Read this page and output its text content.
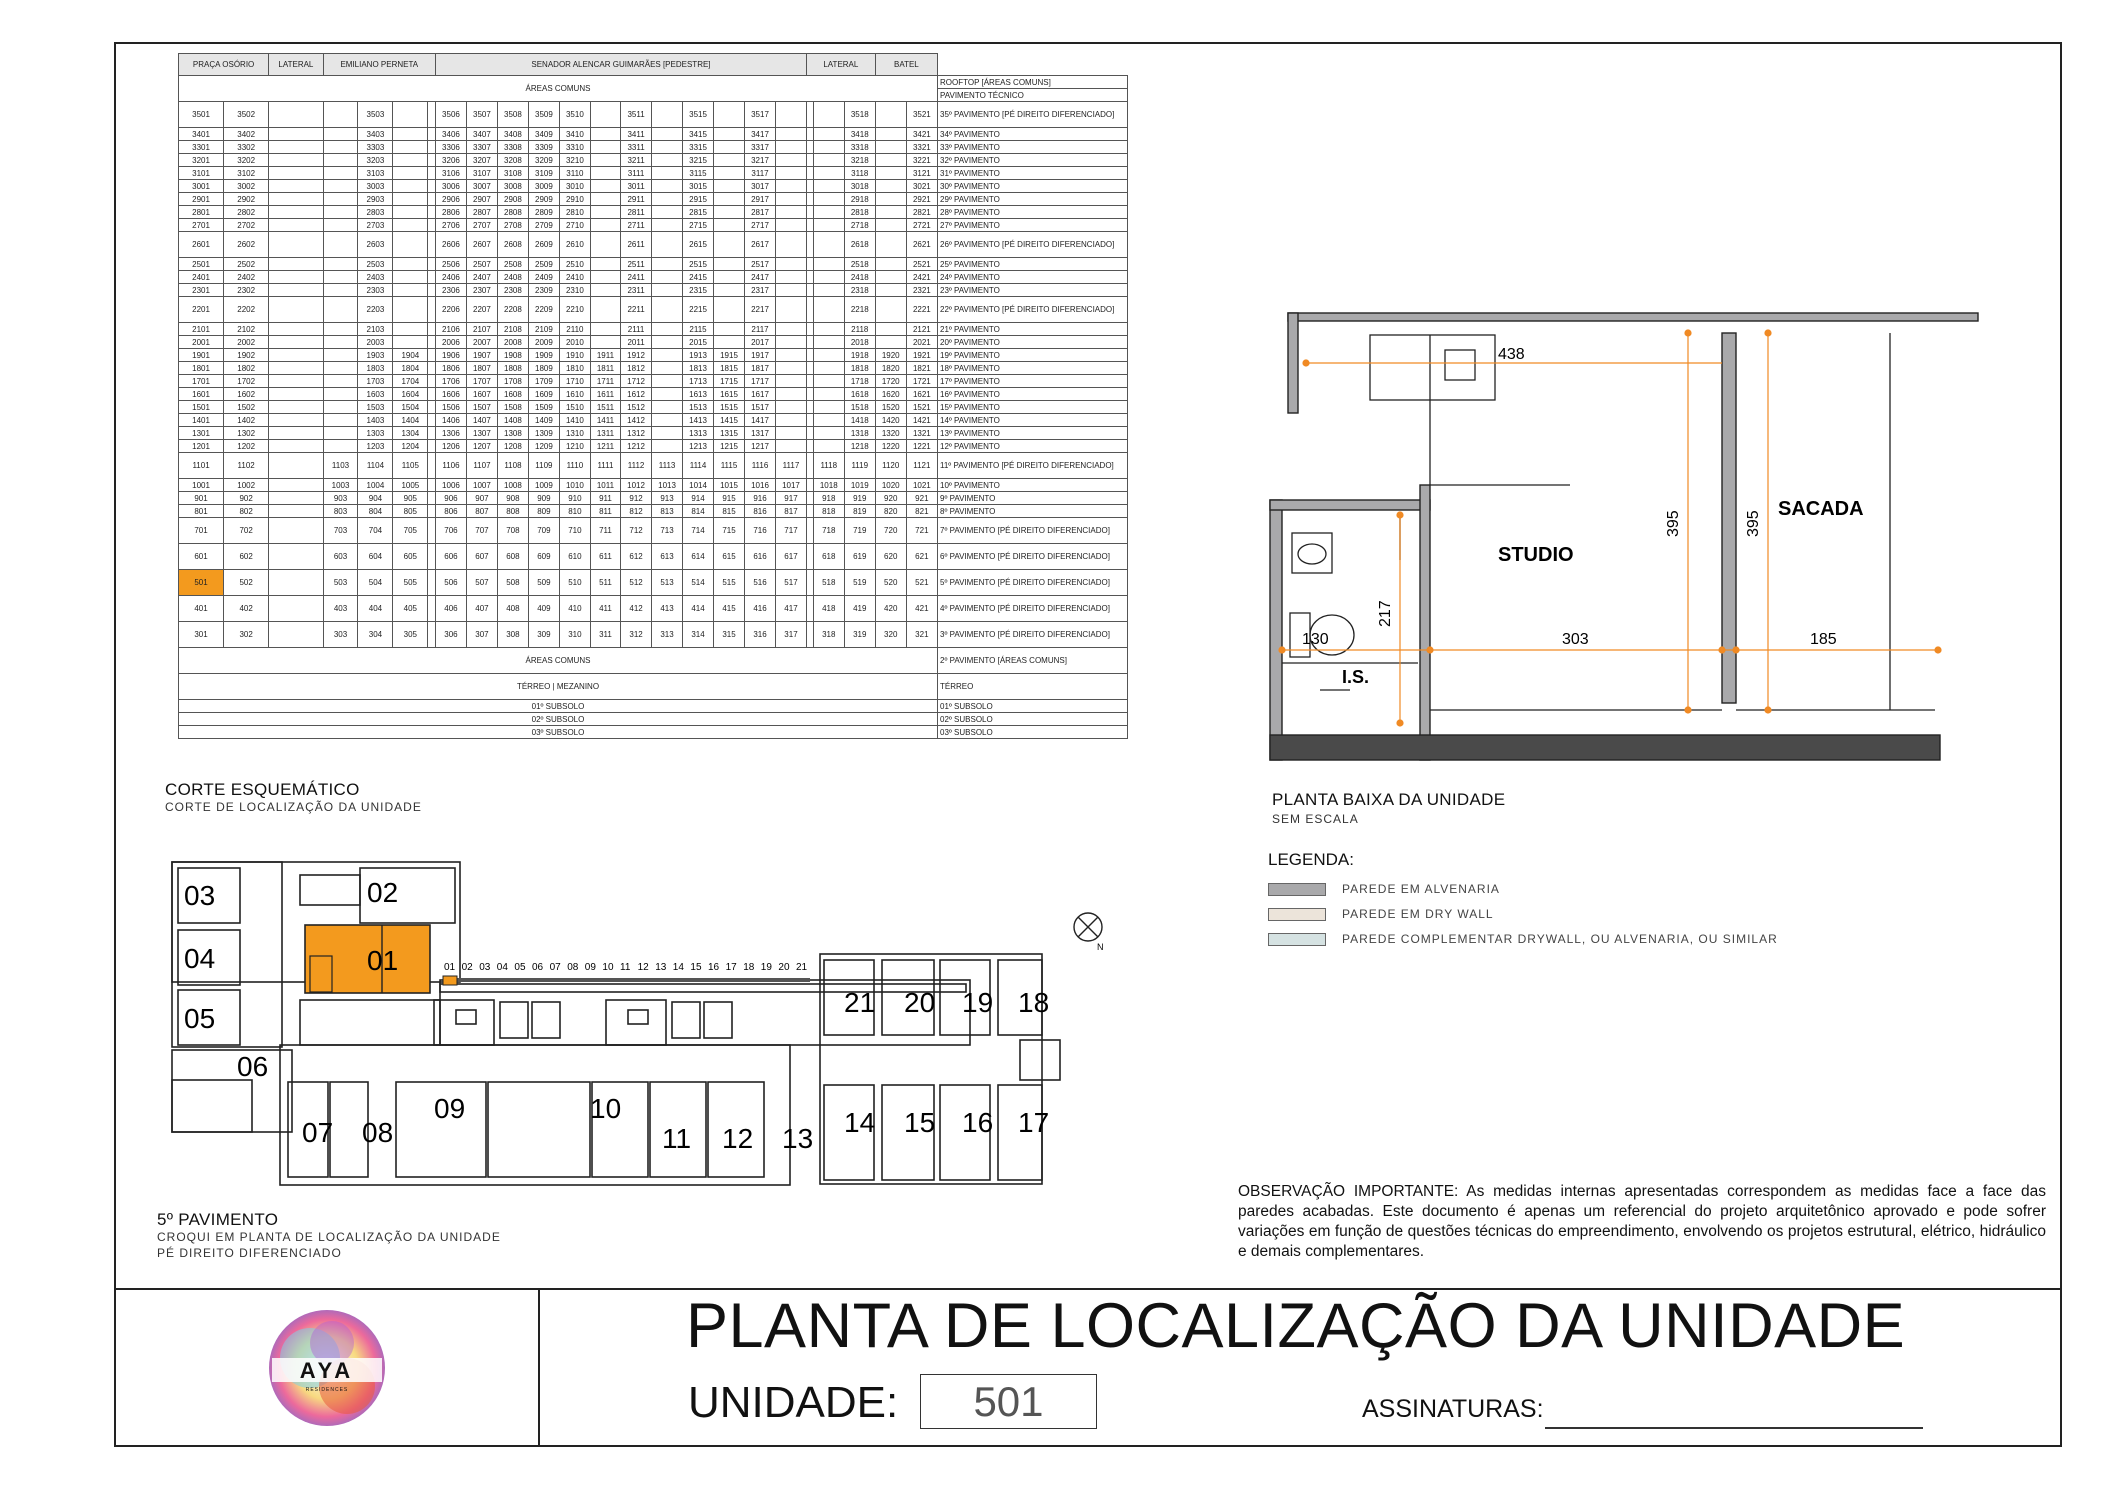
PRAÇA OSÓRIO		LATERAL	EMILIANO PERNETA				SENADOR ALENCAR GUIMARÃES [PEDESTRE]												LATERAL			BATEL		
ÁREAS COMUNS																								ROOFTOP [ÁREAS COMUNS]
																								PAVIMENTO TÉCNICO
3501	3502			3503			3506	3507	3508	3509	3510		3511		3515		3517				3518		3521	35º PAVIMENTO [PÉ DIREITO DIFERENCIADO]
3401	3402			3403			3406	3407	3408	3409	3410		3411		3415		3417				3418		3421	34º PAVIMENTO
3301	3302			3303			3306	3307	3308	3309	3310		3311		3315		3317				3318		3321	33º PAVIMENTO
3201	3202			3203			3206	3207	3208	3209	3210		3211		3215		3217				3218		3221	32º PAVIMENTO
3101	3102			3103			3106	3107	3108	3109	3110		3111		3115		3117				3118		3121	31º PAVIMENTO
3001	3002			3003			3006	3007	3008	3009	3010		3011		3015		3017				3018		3021	30º PAVIMENTO
2901	2902			2903			2906	2907	2908	2909	2910		2911		2915		2917				2918		2921	29º PAVIMENTO
2801	2802			2803			2806	2807	2808	2809	2810		2811		2815		2817				2818		2821	28º PAVIMENTO
2701	2702			2703			2706	2707	2708	2709	2710		2711		2715		2717				2718		2721	27º PAVIMENTO
2601	2602			2603			2606	2607	2608	2609	2610		2611		2615		2617				2618		2621	26º PAVIMENTO [PÉ DIREITO DIFERENCIADO]
2501	2502			2503			2506	2507	2508	2509	2510		2511		2515		2517				2518		2521	25º PAVIMENTO
2401	2402			2403			2406	2407	2408	2409	2410		2411		2415		2417				2418		2421	24º PAVIMENTO
2301	2302			2303			2306	2307	2308	2309	2310		2311		2315		2317				2318		2321	23º PAVIMENTO
2201	2202			2203			2206	2207	2208	2209	2210		2211		2215		2217				2218		2221	22º PAVIMENTO [PÉ DIREITO DIFERENCIADO]
2101	2102			2103			2106	2107	2108	2109	2110		2111		2115		2117				2118		2121	21º PAVIMENTO
2001	2002			2003			2006	2007	2008	2009	2010		2011		2015		2017				2018		2021	20º PAVIMENTO
1901	1902			1903	1904		1906	1907	1908	1909	1910	1911	1912		1913	1915	1917				1918	1920	1921	19º PAVIMENTO
1801	1802			1803	1804		1806	1807	1808	1809	1810	1811	1812		1813	1815	1817				1818	1820	1821	18º PAVIMENTO
1701	1702			1703	1704		1706	1707	1708	1709	1710	1711	1712		1713	1715	1717				1718	1720	1721	17º PAVIMENTO
1601	1602			1603	1604		1606	1607	1608	1609	1610	1611	1612		1613	1615	1617				1618	1620	1621	16º PAVIMENTO
1501	1502			1503	1504		1506	1507	1508	1509	1510	1511	1512		1513	1515	1517				1518	1520	1521	15º PAVIMENTO
1401	1402			1403	1404		1406	1407	1408	1409	1410	1411	1412		1413	1415	1417				1418	1420	1421	14º PAVIMENTO
1301	1302			1303	1304		1306	1307	1308	1309	1310	1311	1312		1313	1315	1317				1318	1320	1321	13º PAVIMENTO
1201	1202			1203	1204		1206	1207	1208	1209	1210	1211	1212		1213	1215	1217				1218	1220	1221	12º PAVIMENTO
1101	1102		1103	1104	1105		1106	1107	1108	1109	1110	1111	1112	1113	1114	1115	1116	1117		1118	1119	1120	1121	11º PAVIMENTO [PÉ DIREITO DIFERENCIADO]
1001	1002		1003	1004	1005		1006	1007	1008	1009	1010	1011	1012	1013	1014	1015	1016	1017		1018	1019	1020	1021	10º PAVIMENTO
901	902		903	904	905		906	907	908	909	910	911	912	913	914	915	916	917		918	919	920	921	9º PAVIMENTO
801	802		803	804	805		806	807	808	809	810	811	812	813	814	815	816	817		818	819	820	821	8º PAVIMENTO
701	702		703	704	705		706	707	708	709	710	711	712	713	714	715	716	717		718	719	720	721	7º PAVIMENTO [PÉ DIREITO DIFERENCIADO]
601	602		603	604	605		606	607	608	609	610	611	612	613	614	615	616	617		618	619	620	621	6º PAVIMENTO [PÉ DIREITO DIFERENCIADO]
501	502		503	504	505		506	507	508	509	510	511	512	513	514	515	516	517		518	519	520	521	5º PAVIMENTO [PÉ DIREITO DIFERENCIADO]
401	402		403	404	405		406	407	408	409	410	411	412	413	414	415	416	417		418	419	420	421	4º PAVIMENTO [PÉ DIREITO DIFERENCIADO]
301	302		303	304	305		306	307	308	309	310	311	312	313	314	315	316	317		318	319	320	321	3º PAVIMENTO [PÉ DIREITO DIFERENCIADO]
ÁREAS COMUNS																								2º PAVIMENTO [ÁREAS COMUNS]
TÉRREO | MEZANINO																								TÉRREO
01º SUBSOLO																								01º SUBSOLO
02º SUBSOLO																								02º SUBSOLO
03º SUBSOLO																								03º SUBSOLO
CORTE ESQUEMÁTICO
CORTE DE LOCALIZAÇÃO DA UNIDADE
01
02
03
04
05
06
07 08
09	10
11 12 13
14 15 16 17
18
19
20
21
01 02 03 04 05 06 07 08 09 10 11 12 13 14 15 16 17 18 19 20 21
N
5º PAVIMENTO
CROQUI EM PLANTA DE LOCALIZAÇÃO DA UNIDADE
PÉ DIREITO DIFERENCIADO
438
395	395
217
130	303	185
STUDIO
SACADA
I.S.
PLANTA BAIXA DA UNIDADE
SEM ESCALA
LEGENDA:
PAREDE EM ALVENARIA
PAREDE EM DRY WALL
PAREDE COMPLEMENTAR DRYWALL, OU ALVENARIA, OU SIMILAR
OBSERVAÇÃO IMPORTANTE: As medidas internas apresentadas correspondem as medidas face a face das paredes acabadas. Este documento é apenas um referencial do projeto arquitetônico aprovado e pode sofrer variações em função de questões técnicas do empreendimento, envolvendo os projetos estrutural, elétrico, hidráulico e demais complementares.
AYA
RESIDENCES
PLANTA DE LOCALIZAÇÃO DA UNIDADE
UNIDADE:	501	ASSINATURAS:
